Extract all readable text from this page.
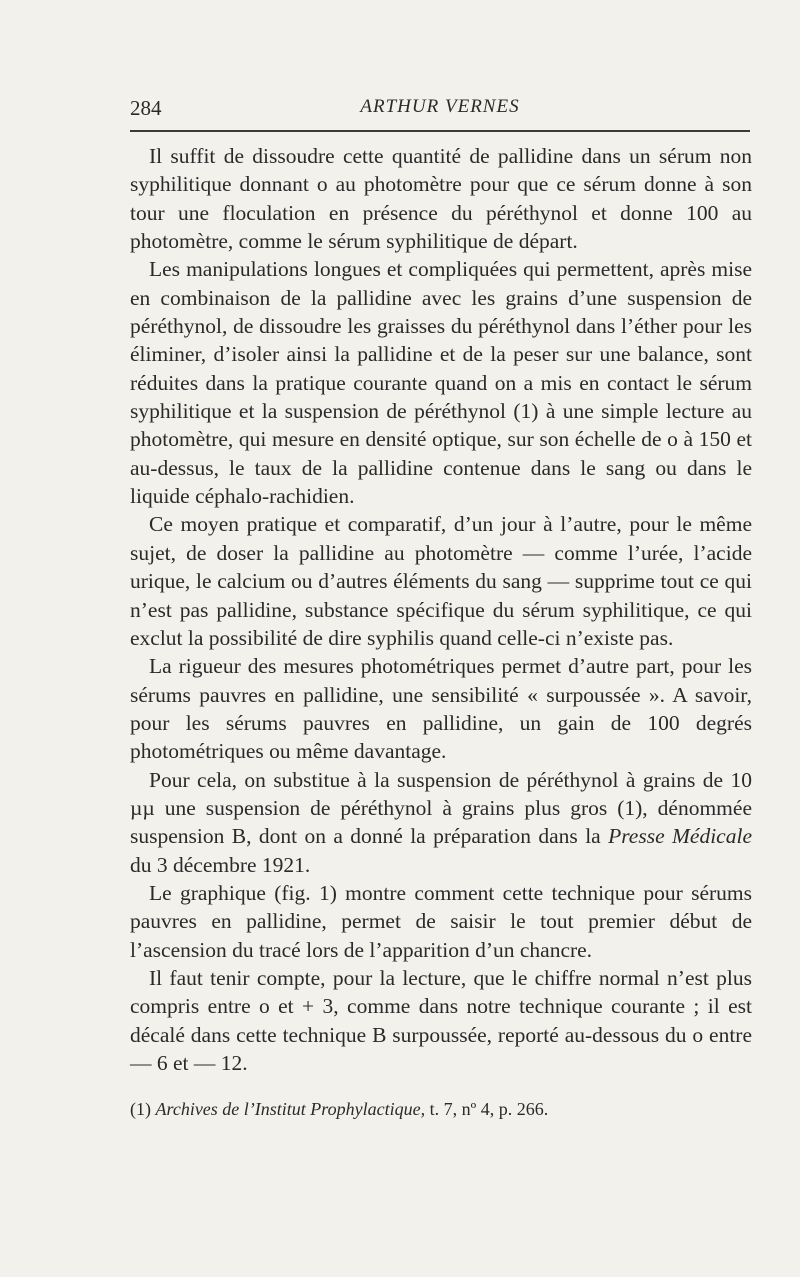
284	ARTHUR VERNES

Il suffit de dissoudre cette quantité de pallidine dans un sérum non syphilitique donnant o au photomètre pour que ce sérum donne à son tour une floculation en présence du péréthynol et donne 100 au photomètre, comme le sérum syphilitique de départ.

Les manipulations longues et compliquées qui permettent, après mise en combinaison de la pallidine avec les grains d’une suspension de péréthynol, de dissoudre les graisses du péréthynol dans l’éther pour les éliminer, d’isoler ainsi la pallidine et de la peser sur une balance, sont réduites dans la pratique courante quand on a mis en contact le sérum syphilitique et la suspension de péréthynol (1) à une simple lecture au photomètre, qui mesure en densité optique, sur son échelle de o à 150 et au-dessus, le taux de la pallidine contenue dans le sang ou dans le liquide céphalo-rachidien.

Ce moyen pratique et comparatif, d’un jour à l’autre, pour le même sujet, de doser la pallidine au photomètre — comme l’urée, l’acide urique, le calcium ou d’autres éléments du sang — supprime tout ce qui n’est pas pallidine, substance spécifique du sérum syphilitique, ce qui exclut la possibilité de dire syphilis quand celle-ci n’existe pas.

La rigueur des mesures photométriques permet d’autre part, pour les sérums pauvres en pallidine, une sensibilité « surpoussée ». A savoir, pour les sérums pauvres en pallidine, un gain de 100 degrés photométriques ou même davantage.

Pour cela, on substitue à la suspension de péréthynol à grains de 10 µµ une suspension de péréthynol à grains plus gros (1), dénommée suspension B, dont on a donné la préparation dans la Presse Médicale du 3 décembre 1921.

Le graphique (fig. 1) montre comment cette technique pour sérums pauvres en pallidine, permet de saisir le tout premier début de l’ascension du tracé lors de l’apparition d’un chancre.

Il faut tenir compte, pour la lecture, que le chiffre normal n’est plus compris entre o et + 3, comme dans notre technique courante ; il est décalé dans cette technique B surpoussée, reporté au-dessous du o entre — 6 et — 12.

(1) Archives de l’Institut Prophylactique, t. 7, nº 4, p. 266.
